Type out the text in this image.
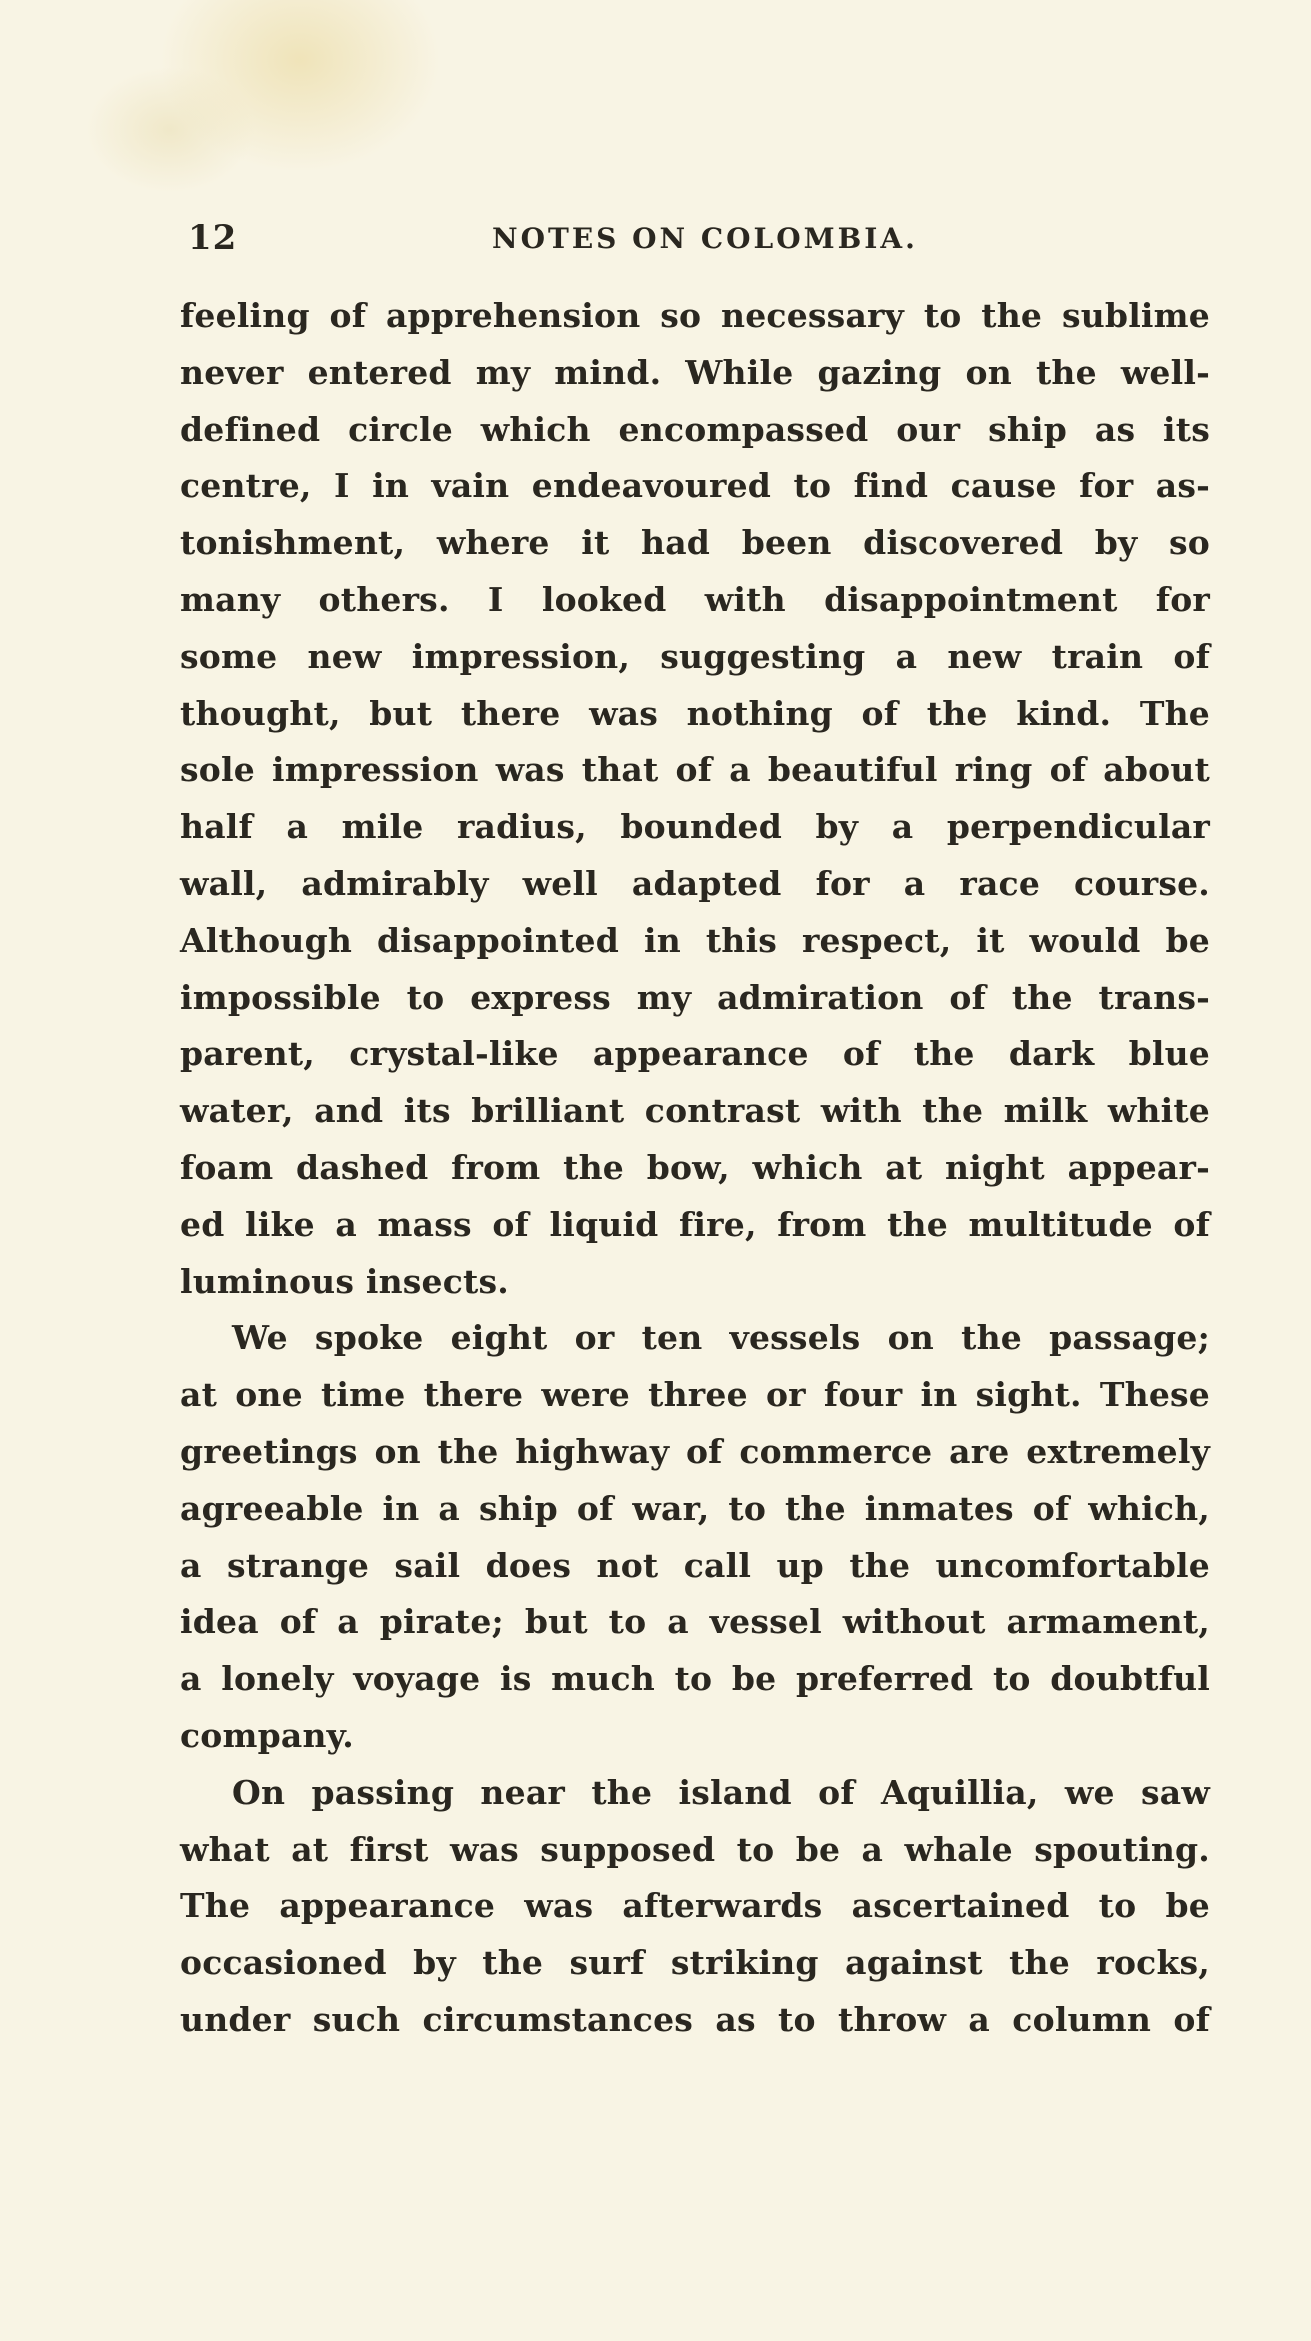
12	NOTES ON COLOMBIA.
feeling of apprehension so necessary to the sublime
never entered my mind. While gazing on the well-
defined circle which encompassed our ship as its
centre, I in vain endeavoured to find cause for as-
tonishment, where it had been discovered by so
many others. I looked with disappointment for
some new impression, suggesting a new train of
thought, but there was nothing of the kind. The
sole impression was that of a beautiful ring of about
half a mile radius, bounded by a perpendicular
wall, admirably well adapted for a race course.
Although disappointed in this respect, it would be
impossible to express my admiration of the trans-
parent, crystal-like appearance of the dark blue
water, and its brilliant contrast with the milk white
foam dashed from the bow, which at night appear-
ed like a mass of liquid fire, from the multitude of
luminous insects.
We spoke eight or ten vessels on the passage;
at one time there were three or four in sight. These
greetings on the highway of commerce are extremely
agreeable in a ship of war, to the inmates of which,
a strange sail does not call up the uncomfortable
idea of a pirate; but to a vessel without armament,
a lonely voyage is much to be preferred to doubtful
company.
On passing near the island of Aquillia, we saw
what at first was supposed to be a whale spouting.
The appearance was afterwards ascertained to be
occasioned by the surf striking against the rocks,
under such circumstances as to throw a column of
